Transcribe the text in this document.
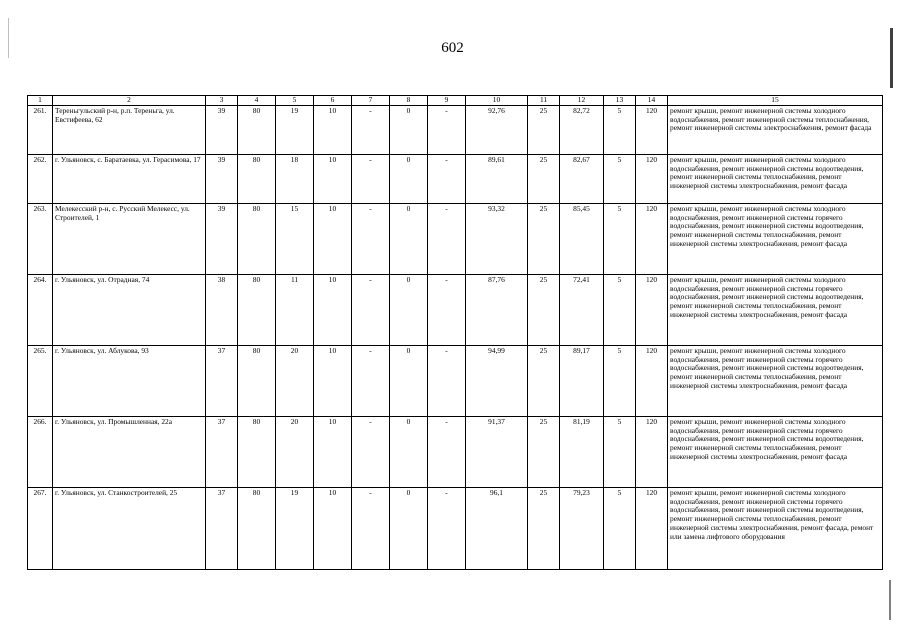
602
1	2	3	4	5	6	7	8	9	10	11	12	13	14	15
261.	Тереньгульский р-н, р.п. Тереньга, ул. Евстифеева, 62	39	80	19	10	-	0	-	92,76	25	82,72	5	120	ремонт крыши, ремонт инженерной системы холодного водоснабжения, ремонт инженерной системы теплоснабжения, ремонт инженерной системы электроснабжения, ремонт фасада
262.	г. Ульяновск, с. Баратаевка, ул. Герасимова, 17	39	80	18	10	-	0	-	89,61	25	82,67	5	120	ремонт крыши, ремонт инженерной системы холодного водоснабжения, ремонт инженерной системы водоотведения, ремонт инженерной системы теплоснабжения, ремонт инженерной системы электроснабжения, ремонт фасада
263.	Мелекесский р-н, с. Русский Мелекесс, ул. Строителей, 1	39	80	15	10	-	0	-	93,32	25	85,45	5	120	ремонт крыши, ремонт инженерной системы холодного водоснабжения, ремонт инженерной системы горячего водоснабжения, ремонт инженерной системы водоотведения, ремонт инженерной системы теплоснабжения, ремонт инженерной системы электроснабжения, ремонт фасада
264.	г. Ульяновск, ул. Отрадная, 74	38	80	11	10	-	0	-	87,76	25	72,41	5	120	ремонт крыши, ремонт инженерной системы холодного водоснабжения, ремонт инженерной системы горячего водоснабжения, ремонт инженерной системы водоотведения, ремонт инженерной системы теплоснабжения, ремонт инженерной системы электроснабжения, ремонт фасада
265.	г. Ульяновск, ул. Аблукова, 93	37	80	20	10	-	0	-	94,99	25	89,17	5	120	ремонт крыши, ремонт инженерной системы холодного водоснабжения, ремонт инженерной системы горячего водоснабжения, ремонт инженерной системы водоотведения, ремонт инженерной системы теплоснабжения, ремонт инженерной системы электроснабжения, ремонт фасада
266.	г. Ульяновск, ул. Промышленная, 22а	37	80	20	10	-	0	-	91,37	25	81,19	5	120	ремонт крыши, ремонт инженерной системы холодного водоснабжения, ремонт инженерной системы горячего водоснабжения, ремонт инженерной системы водоотведения, ремонт инженерной системы теплоснабжения, ремонт инженерной системы электроснабжения, ремонт фасада
267.	г. Ульяновск, ул. Станкостроителей, 25	37	80	19	10	-	0	-	96,1	25	79,23	5	120	ремонт крыши, ремонт инженерной системы холодного водоснабжения, ремонт инженерной системы горячего водоснабжения, ремонт инженерной системы водоотведения, ремонт инженерной системы теплоснабжения, ремонт инженерной системы электроснабжения, ремонт фасада, ремонт или замена лифтового оборудования
